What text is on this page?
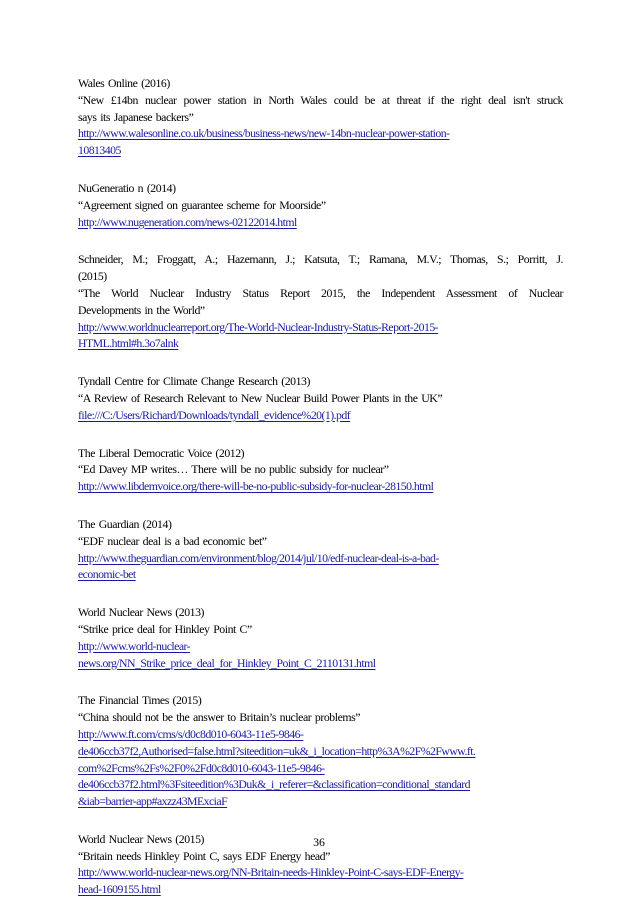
Wales Online (2016)
“New £14bn nuclear power station in North Wales could be at threat if the right deal isn't struck
says its Japanese backers”
http://www.walesonline.co.uk/business/business-news/new-14bn-nuclear-power-station-
10813405
NuGeneratio n (2014)
“Agreement signed on guarantee scheme for Moorside”
http://www.nugeneration.com/news-02122014.html
Schneider, M.; Froggatt, A.; Hazemann, J.; Katsuta, T.; Ramana, M.V.; Thomas, S.; Porritt, J.
(2015)
“The World Nuclear Industry Status Report 2015, the Independent Assessment of Nuclear
Developments in the World”
http://www.worldnuclearreport.org/The-World-Nuclear-Industry-Status-Report-2015-
HTML.html#h.3o7alnk
Tyndall Centre for Climate Change Research (2013)
“A Review of Research Relevant to New Nuclear Build Power Plants in the UK”
file:///C:/Users/Richard/Downloads/tyndall_evidence%20(1).pdf
The Liberal Democratic Voice (2012)
“Ed Davey MP writes… There will be no public subsidy for nuclear”
http://www.libdemvoice.org/there-will-be-no-public-subsidy-for-nuclear-28150.html
The Guardian (2014)
“EDF nuclear deal is a bad economic bet”
http://www.theguardian.com/environment/blog/2014/jul/10/edf-nuclear-deal-is-a-bad-
economic-bet
World Nuclear News (2013)
“Strike price deal for Hinkley Point C”
http://www.world-nuclear-
news.org/NN_Strike_price_deal_for_Hinkley_Point_C_2110131.html
The Financial Times (2015)
“China should not be the answer to Britain’s nuclear problems”
http://www.ft.com/cms/s/d0c8d010-6043-11e5-9846-
de406ccb37f2,Authorised=false.html?siteedition=uk&_i_location=http%3A%2F%2Fwww.ft.
com%2Fcms%2Fs%2F0%2Fd0c8d010-6043-11e5-9846-
de406ccb37f2.html%3Fsiteedition%3Duk&_i_referer=&classification=conditional_standard
&iab=barrier-app#axzz43MExciaF
World Nuclear News (2015)
“Britain needs Hinkley Point C, says EDF Energy head”
http://www.world-nuclear-news.org/NN-Britain-needs-Hinkley-Point-C-says-EDF-Energy-
head-1609155.html
36
